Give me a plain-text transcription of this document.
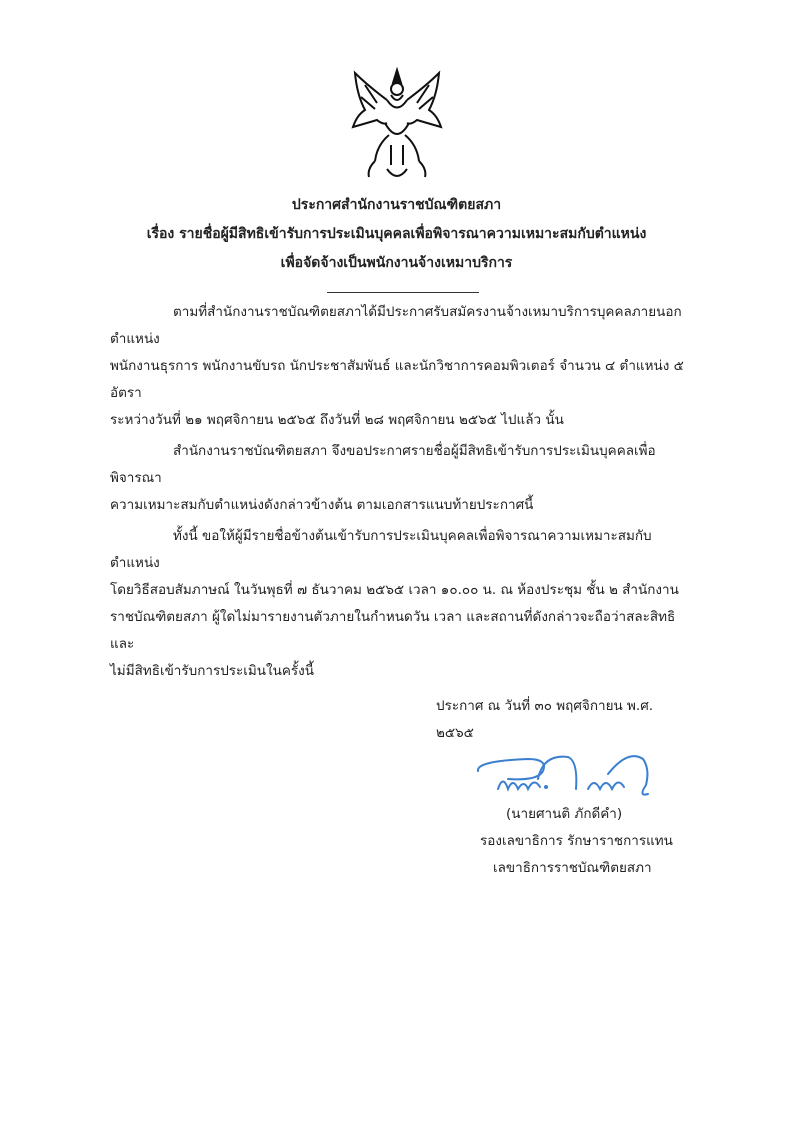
ประกาศสำนักงานราชบัณฑิตยสภา
เรื่อง รายชื่อผู้มีสิทธิเข้ารับการประเมินบุคคลเพื่อพิจารณาความเหมาะสมกับตำแหน่ง
เพื่อจัดจ้างเป็นพนักงานจ้างเหมาบริการ
ตามที่สำนักงานราชบัณฑิตยสภาได้มีประกาศรับสมัครงานจ้างเหมาบริการบุคคลภายนอก ตำแหน่ง
พนักงานธุรการ พนักงานขับรถ นักประชาสัมพันธ์ และนักวิชาการคอมพิวเตอร์ จำนวน ๔ ตำแหน่ง ๕ อัตรา
ระหว่างวันที่ ๒๑ พฤศจิกายน ๒๕๖๕ ถึงวันที่ ๒๘ พฤศจิกายน ๒๕๖๕ ไปแล้ว นั้น
สำนักงานราชบัณฑิตยสภา จึงขอประกาศรายชื่อผู้มีสิทธิเข้ารับการประเมินบุคคลเพื่อพิจารณา
ความเหมาะสมกับตำแหน่งดังกล่าวข้างต้น ตามเอกสารแนบท้ายประกาศนี้
ทั้งนี้ ขอให้ผู้มีรายชื่อข้างต้นเข้ารับการประเมินบุคคลเพื่อพิจารณาความเหมาะสมกับตำแหน่ง
โดยวิธีสอบสัมภาษณ์ ในวันพุธที่ ๗ ธันวาคม ๒๕๖๕ เวลา ๑๐.๐๐ น. ณ ห้องประชุม ชั้น ๒ สำนักงาน
ราชบัณฑิตยสภา ผู้ใดไม่มารายงานตัวภายในกำหนดวัน เวลา และสถานที่ดังกล่าวจะถือว่าสละสิทธิและ
ไม่มีสิทธิเข้ารับการประเมินในครั้งนี้
ประกาศ ณ วันที่ ๓๐ พฤศจิกายน พ.ศ. ๒๕๖๕
(นายศานติ ภักดีคำ)
รองเลขาธิการ รักษาราชการแทน
เลขาธิการราชบัณฑิตยสภา
